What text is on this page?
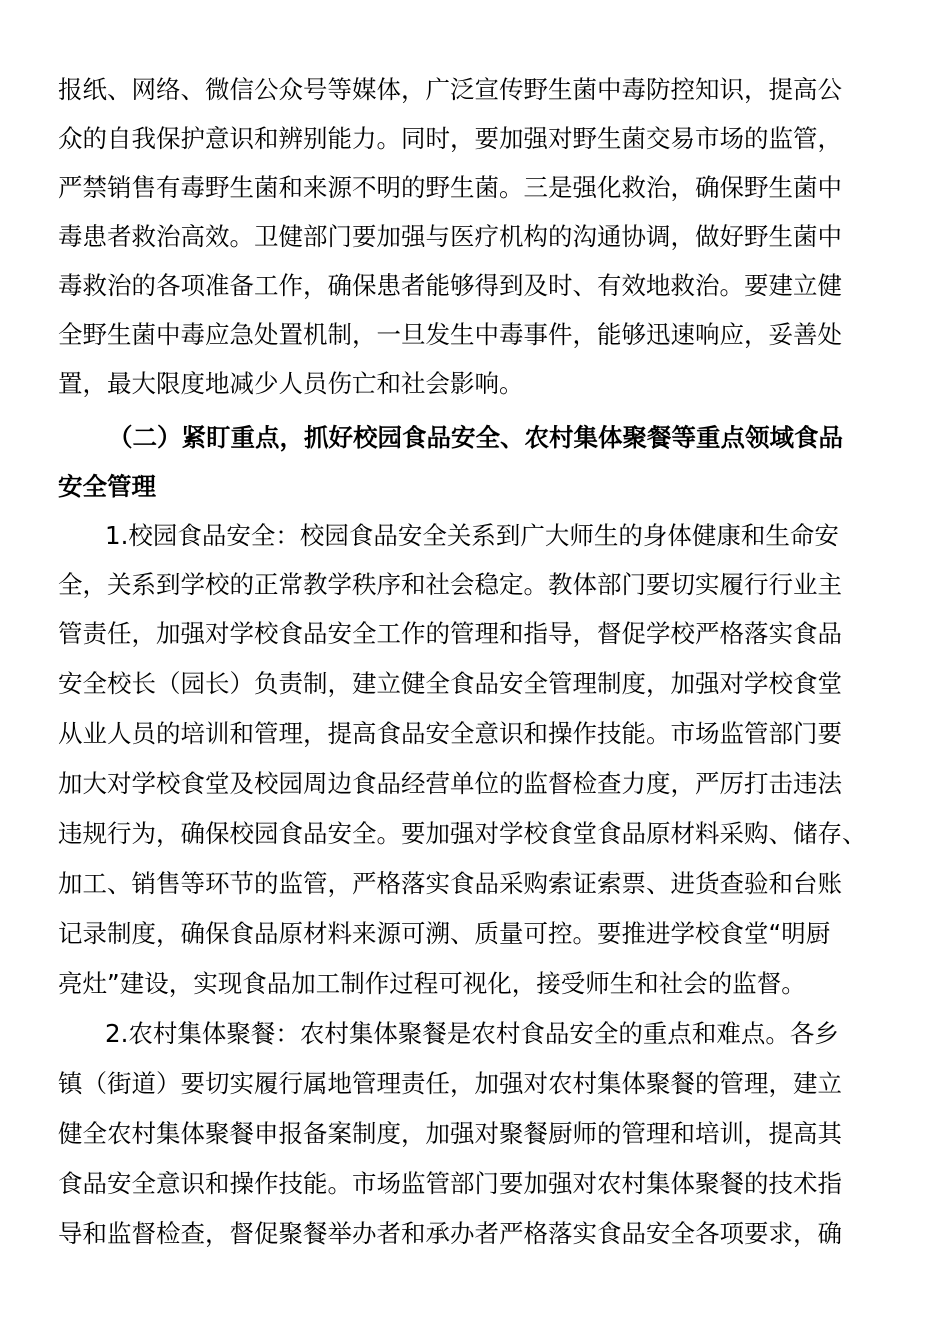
报纸、网络、微信公众号等媒体，广泛宣传野生菌中毒防控知识，提高公
众的自我保护意识和辨别能力。同时，要加强对野生菌交易市场的监管，
严禁销售有毒野生菌和来源不明的野生菌。三是强化救治，确保野生菌中
毒患者救治高效。卫健部门要加强与医疗机构的沟通协调，做好野生菌中
毒救治的各项准备工作，确保患者能够得到及时、有效地救治。要建立健
全野生菌中毒应急处置机制，一旦发生中毒事件，能够迅速响应，妥善处
置，最大限度地减少人员伤亡和社会影响。
（二）紧盯重点，抓好校园食品安全、农村集体聚餐等重点领域食品
安全管理
1.校园食品安全：校园食品安全关系到广大师生的身体健康和生命安
全，关系到学校的正常教学秩序和社会稳定。教体部门要切实履行行业主
管责任，加强对学校食品安全工作的管理和指导，督促学校严格落实食品
安全校长（园长）负责制，建立健全食品安全管理制度，加强对学校食堂
从业人员的培训和管理，提高食品安全意识和操作技能。市场监管部门要
加大对学校食堂及校园周边食品经营单位的监督检查力度，严厉打击违法
违规行为，确保校园食品安全。要加强对学校食堂食品原材料采购、储存、
加工、销售等环节的监管，严格落实食品采购索证索票、进货查验和台账
记录制度，确保食品原材料来源可溯、质量可控。要推进学校食堂“明厨
亮灶”建设，实现食品加工制作过程可视化，接受师生和社会的监督。
2.农村集体聚餐：农村集体聚餐是农村食品安全的重点和难点。各乡
镇（街道）要切实履行属地管理责任，加强对农村集体聚餐的管理，建立
健全农村集体聚餐申报备案制度，加强对聚餐厨师的管理和培训，提高其
食品安全意识和操作技能。市场监管部门要加强对农村集体聚餐的技术指
导和监督检查，督促聚餐举办者和承办者严格落实食品安全各项要求，确
